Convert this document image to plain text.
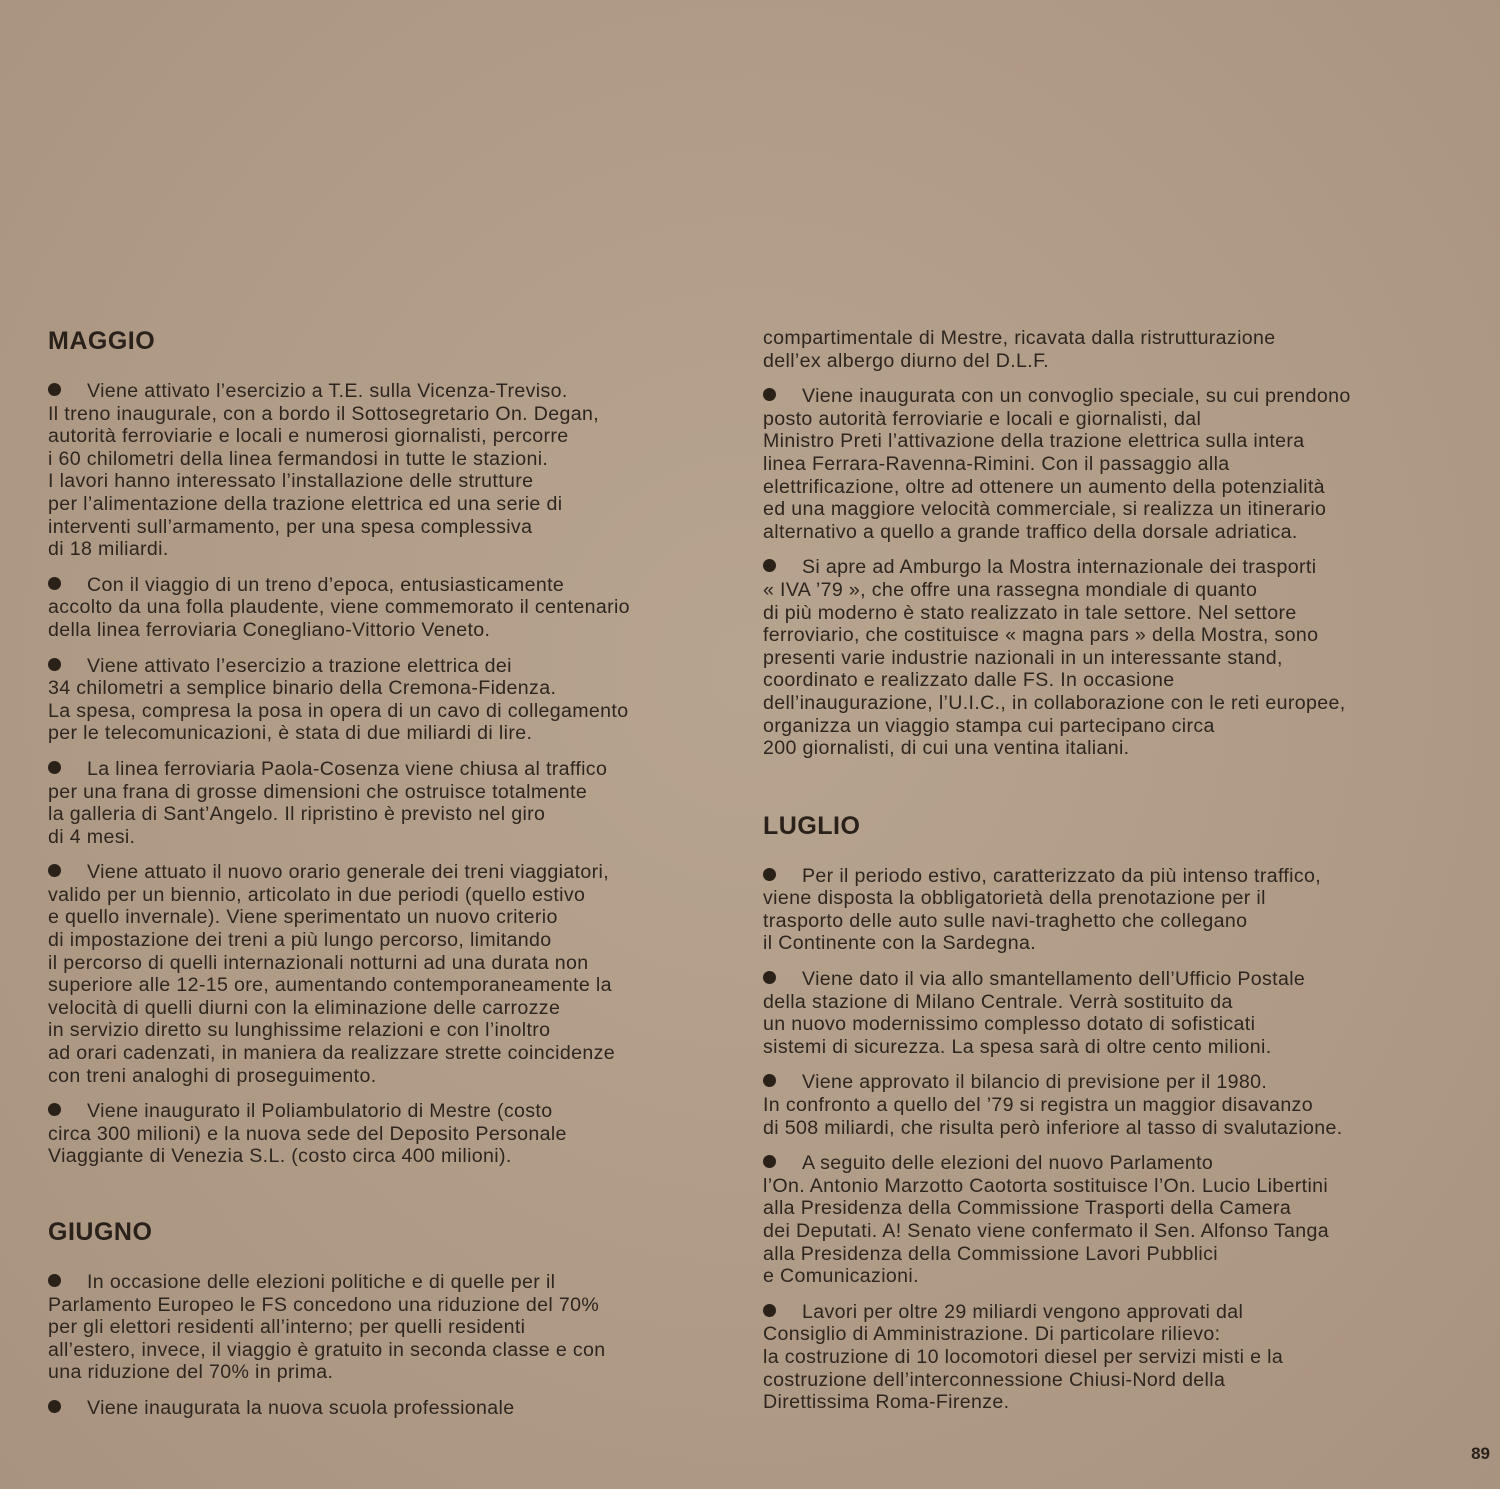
MAGGIO

Viene attivato l’esercizio a T.E. sulla Vicenza-Treviso.
Il treno inaugurale, con a bordo il Sottosegretario On. Degan,
autorità ferroviarie e locali e numerosi giornalisti, percorre
i 60 chilometri della linea fermandosi in tutte le stazioni.
I lavori hanno interessato l’installazione delle strutture
per l’alimentazione della trazione elettrica ed una serie di
interventi sull’armamento, per una spesa complessiva
di 18 miliardi.

Con il viaggio di un treno d’epoca, entusiasticamente
accolto da una folla plaudente, viene commemorato il centenario
della linea ferroviaria Conegliano-Vittorio Veneto.

Viene attivato l’esercizio a trazione elettrica dei
34 chilometri a semplice binario della Cremona-Fidenza.
La spesa, compresa la posa in opera di un cavo di collegamento
per le telecomunicazioni, è stata di due miliardi di lire.

La linea ferroviaria Paola-Cosenza viene chiusa al traffico
per una frana di grosse dimensioni che ostruisce totalmente
la galleria di Sant’Angelo. Il ripristino è previsto nel giro
di 4 mesi.

Viene attuato il nuovo orario generale dei treni viaggiatori,
valido per un biennio, articolato in due periodi (quello estivo
e quello invernale). Viene sperimentato un nuovo criterio
di impostazione dei treni a più lungo percorso, limitando
il percorso di quelli internazionali notturni ad una durata non
superiore alle 12-15 ore, aumentando contemporaneamente la
velocità di quelli diurni con la eliminazione delle carrozze
in servizio diretto su lunghissime relazioni e con l’inoltro
ad orari cadenzati, in maniera da realizzare strette coincidenze
con treni analoghi di proseguimento.

Viene inaugurato il Poliambulatorio di Mestre (costo
circa 300 milioni) e la nuova sede del Deposito Personale
Viaggiante di Venezia S.L. (costo circa 400 milioni).

GIUGNO

In occasione delle elezioni politiche e di quelle per il
Parlamento Europeo le FS concedono una riduzione del 70%
per gli elettori residenti all’interno; per quelli residenti
all’estero, invece, il viaggio è gratuito in seconda classe e con
una riduzione del 70% in prima.

Viene inaugurata la nuova scuola professionale

compartimentale di Mestre, ricavata dalla ristrutturazione
dell’ex albergo diurno del D.L.F.

Viene inaugurata con un convoglio speciale, su cui prendono
posto autorità ferroviarie e locali e giornalisti, dal
Ministro Preti l’attivazione della trazione elettrica sulla intera
linea Ferrara-Ravenna-Rimini. Con il passaggio alla
elettrificazione, oltre ad ottenere un aumento della potenzialità
ed una maggiore velocità commerciale, si realizza un itinerario
alternativo a quello a grande traffico della dorsale adriatica.

Si apre ad Amburgo la Mostra internazionale dei trasporti
« IVA ’79 », che offre una rassegna mondiale di quanto
di più moderno è stato realizzato in tale settore. Nel settore
ferroviario, che costituisce « magna pars » della Mostra, sono
presenti varie industrie nazionali in un interessante stand,
coordinato e realizzato dalle FS. In occasione
dell’inaugurazione, l’U.I.C., in collaborazione con le reti europee,
organizza un viaggio stampa cui partecipano circa
200 giornalisti, di cui una ventina italiani.

LUGLIO

Per il periodo estivo, caratterizzato da più intenso traffico,
viene disposta la obbligatorietà della prenotazione per il
trasporto delle auto sulle navi-traghetto che collegano
il Continente con la Sardegna.

Viene dato il via allo smantellamento dell’Ufficio Postale
della stazione di Milano Centrale. Verrà sostituito da
un nuovo modernissimo complesso dotato di sofisticati
sistemi di sicurezza. La spesa sarà di oltre cento milioni.

Viene approvato il bilancio di previsione per il 1980.
In confronto a quello del ’79 si registra un maggior disavanzo
di 508 miliardi, che risulta però inferiore al tasso di svalutazione.

A seguito delle elezioni del nuovo Parlamento
l’On. Antonio Marzotto Caotorta sostituisce l’On. Lucio Libertini
alla Presidenza della Commissione Trasporti della Camera
dei Deputati. A! Senato viene confermato il Sen. Alfonso Tanga
alla Presidenza della Commissione Lavori Pubblici
e Comunicazioni.

Lavori per oltre 29 miliardi vengono approvati dal
Consiglio di Amministrazione. Di particolare rilievo:
la costruzione di 10 locomotori diesel per servizi misti e la
costruzione dell’interconnessione Chiusi-Nord della
Direttissima Roma-Firenze.

89
